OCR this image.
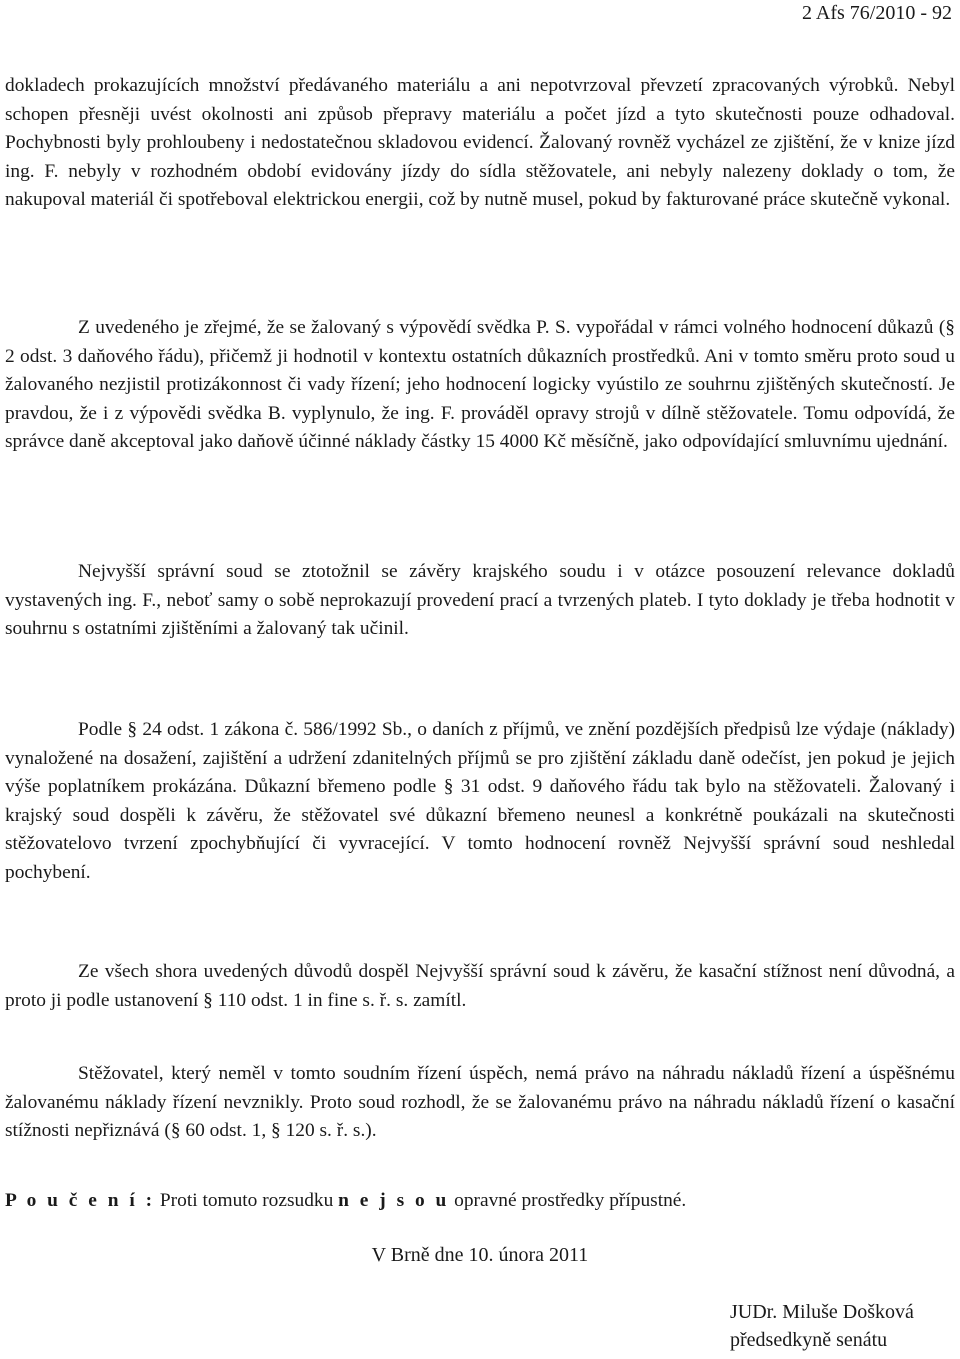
2 Afs 76/2010 - 92

dokladech prokazujících množství předávaného materiálu a ani nepotvrzoval převzetí zpracovaných výrobků. Nebyl schopen přesněji uvést okolnosti ani způsob přepravy materiálu a počet jízd a tyto skutečnosti pouze odhadoval. Pochybnosti byly prohloubeny i nedostatečnou skladovou evidencí. Žalovaný rovněž vycházel ze zjištění, že v knize jízd ing. F. nebyly v rozhodném období evidovány jízdy do sídla stěžovatele, ani nebyly nalezeny doklady o tom, že nakupoval materiál či spotřeboval elektrickou energii, což by nutně musel, pokud by fakturované práce skutečně vykonal.

Z uvedeného je zřejmé, že se žalovaný s výpovědí svědka P. S. vypořádal v rámci volného hodnocení důkazů (§ 2 odst. 3 daňového řádu), přičemž ji hodnotil v kontextu ostatních důkazních prostředků. Ani v tomto směru proto soud u žalovaného nezjistil protizákonnost či vady řízení; jeho hodnocení logicky vyústilo ze souhrnu zjištěných skutečností. Je pravdou, že i z výpovědi svědka B. vyplynulo, že ing. F. prováděl opravy strojů v dílně stěžovatele. Tomu odpovídá, že správce daně akceptoval jako daňově účinné náklady částky 15 4000 Kč měsíčně, jako odpovídající smluvnímu ujednání.

Nejvyšší správní soud se ztotožnil se závěry krajského soudu i v otázce posouzení relevance dokladů vystavených ing. F., neboť samy o sobě neprokazují provedení prací a tvrzených plateb. I tyto doklady je třeba hodnotit v souhrnu s ostatními zjištěními a žalovaný tak učinil.

Podle § 24 odst. 1 zákona č. 586/1992 Sb., o daních z příjmů, ve znění pozdějších předpisů lze výdaje (náklady) vynaložené na dosažení, zajištění a udržení zdanitelných příjmů se pro zjištění základu daně odečíst, jen pokud je jejich výše poplatníkem prokázána. Důkazní břemeno podle § 31 odst. 9 daňového řádu tak bylo na stěžovateli. Žalovaný i krajský soud dospěli k závěru, že stěžovatel své důkazní břemeno neunesl a konkrétně poukázali na skutečnosti stěžovatelovo tvrzení zpochybňující či vyvracející. V tomto hodnocení rovněž Nejvyšší správní soud neshledal pochybení.

Ze všech shora uvedených důvodů dospěl Nejvyšší správní soud k závěru, že kasační stížnost není důvodná, a proto ji podle ustanovení § 110 odst. 1 in fine s. ř. s. zamítl.

Stěžovatel, který neměl v tomto soudním řízení úspěch, nemá právo na náhradu nákladů řízení a úspěšnému žalovanému náklady řízení nevznikly. Proto soud rozhodl, že se žalovanému právo na náhradu nákladů řízení o kasační stížnosti nepřiznává (§ 60 odst. 1, § 120 s. ř. s.).

P o u č e n í : Proti tomuto rozsudku n e j s o u opravné prostředky přípustné.

V Brně dne 10. února 2011
JUDr. Miluše Došková
předsedkyně senátu
